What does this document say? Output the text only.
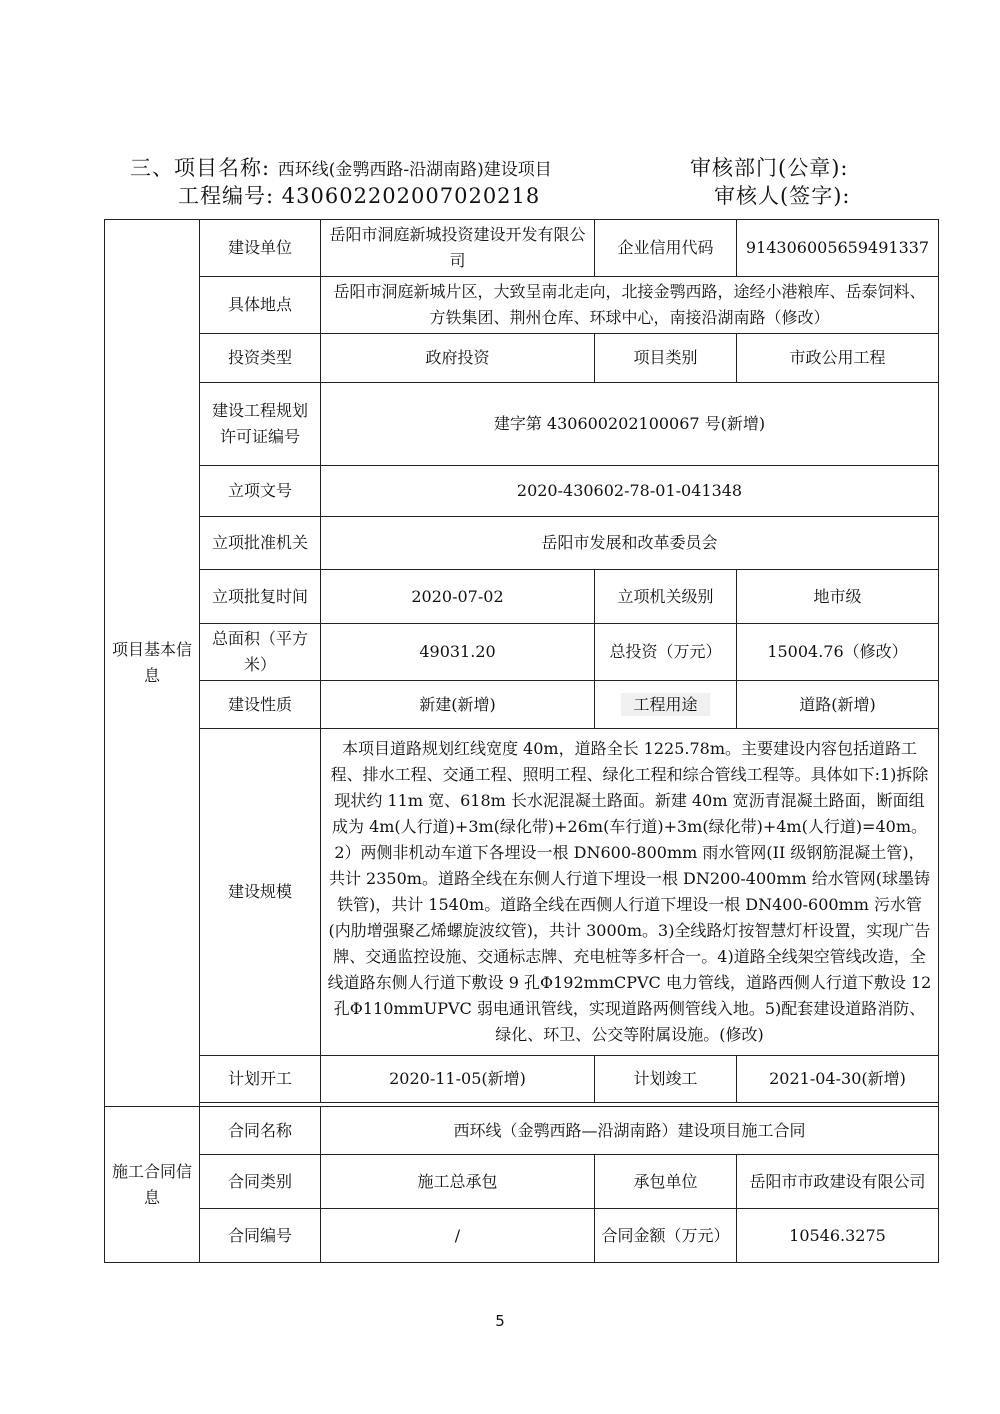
三、项目名称: 西环线(金鹗西路-沿湖南路)建设项目	审核部门(公章):
工程编号: 430602202007020218	审核人(签字):
项目基本信息	建设单位	岳阳市洞庭新城投资建设开发有限公司	企业信用代码	914306005659491337
	具体地点	岳阳市洞庭新城片区，大致呈南北走向，北接金鹗西路，途经小港粮库、岳泰饲料、方铁集团、荆州仓库、环球中心，南接沿湖南路（修改）		
	投资类型	政府投资	项目类别	市政公用工程
	建设工程规划许可证编号	建字第 430600202100067 号(新增)		
	立项文号	2020-430602-78-01-041348		
	立项批准机关	岳阳市发展和改革委员会		
	立项批复时间	2020-07-02	立项机关级别	地市级
	总面积（平方米）	49031.20	总投资（万元）	15004.76（修改）
	建设性质	新建(新增)	工程用途	道路(新增)
	建设规模	本项目道路规划红线宽度 40m，道路全长 1225.78m。主要建设内容包括道路工程、排水工程、交通工程、照明工程、绿化工程和综合管线工程等。具体如下:1)拆除现状约 11m 宽、618m 长水泥混凝土路面。新建 40m 宽沥青混凝土路面，断面组成为 4m(人行道)+3m(绿化带)+26m(车行道)+3m(绿化带)+4m(人行道)=40m。2）两侧非机动车道下各埋设一根 DN600-800mm 雨水管网(II 级钢筋混凝土管)，共计 2350m。道路全线在东侧人行道下埋设一根 DN200-400mm 给水管网(球墨铸铁管)，共计 1540m。道路全线在西侧人行道下埋设一根 DN400-600mm 污水管(内肋增强聚乙烯螺旋波纹管)，共计 3000m。3)全线路灯按智慧灯杆设置，实现广告牌、交通监控设施、交通标志牌、充电桩等多杆合一。4)道路全线架空管线改造，全线道路东侧人行道下敷设 9 孔Φ192mmCPVC 电力管线，道路西侧人行道下敷设 12 孔Φ110mmUPVC 弱电通讯管线，实现道路两侧管线入地。5)配套建设道路消防、绿化、环卫、公交等附属设施。(修改)		
	计划开工	2020-11-05(新增)	计划竣工	2021-04-30(新增)

施工合同信息	合同名称	西环线（金鹗西路—沿湖南路）建设项目施工合同		
	合同类别	施工总承包	承包单位	岳阳市市政建设有限公司
	合同编号	/	合同金额（万元）	10546.3275
5
